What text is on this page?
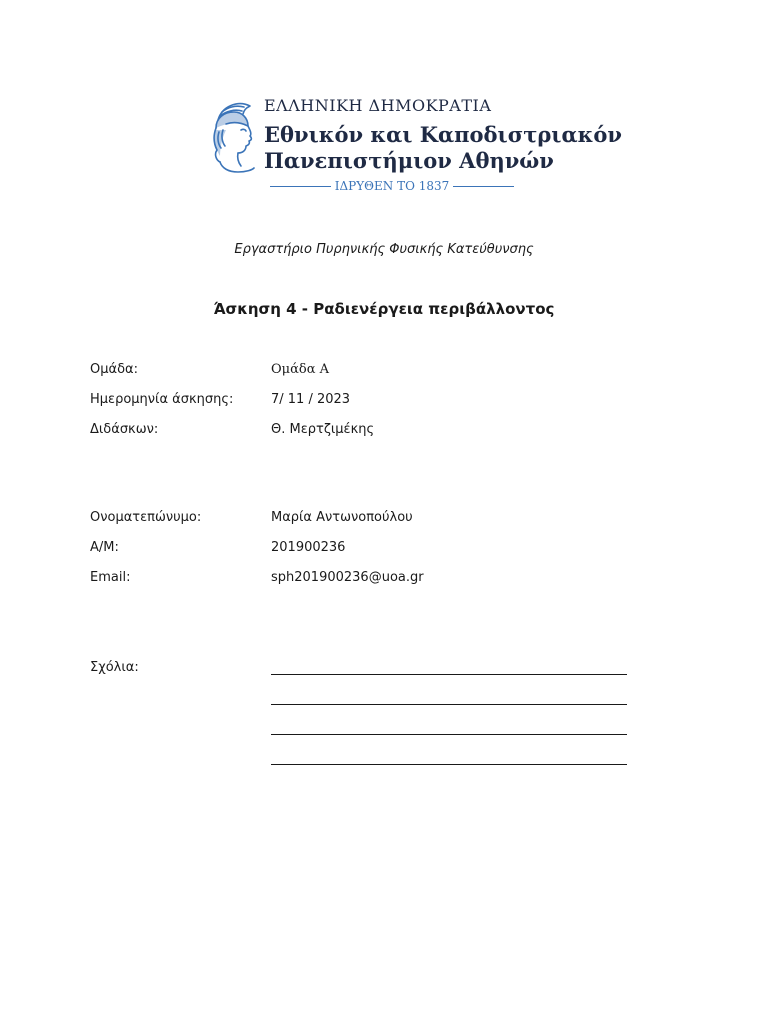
ΕΛΛΗΝΙΚΗ ΔΗΜΟΚΡΑΤΙΑ
Εθνικόν και Καποδιστριακόν
Πανεπιστήμιον Αθηνών
ΙΔΡΥΘΕΝ ΤΟ 1837
Εργαστήριο Πυρηνικής Φυσικής Κατεύθυνσης
Άσκηση 4 - Ραδιενέργεια περιβάλλοντος
Ομάδα:	Ομάδα Α
Ημερομηνία άσκησης:	7/ 11 / 2023
Διδάσκων:	Θ. Μερτζιμέκης
Ονοματεπώνυμο:	Μαρία Αντωνοπούλου
Α/Μ:	201900236
Email:	sph201900236@uoa.gr
Σχόλια:
